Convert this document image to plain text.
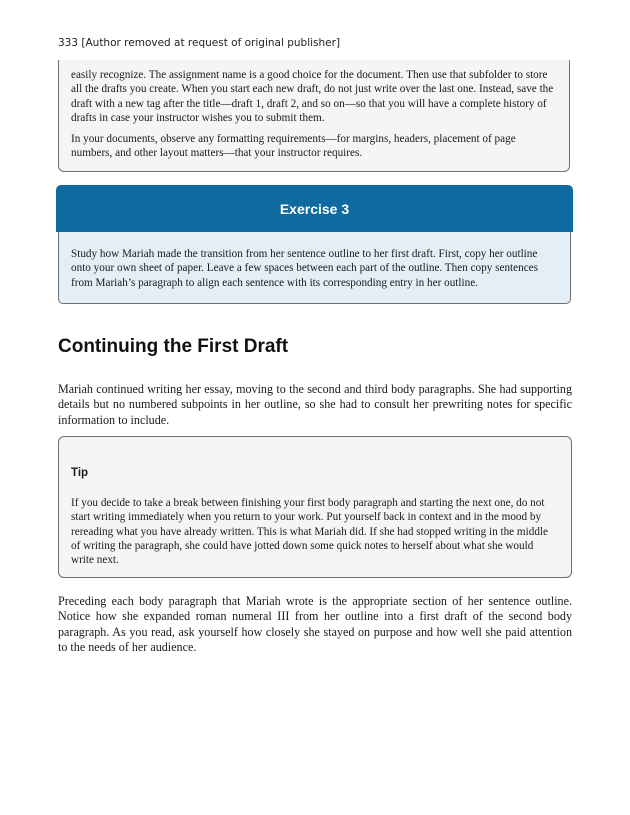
333 [Author removed at request of original publisher]

easily recognize. The assignment name is a good choice for the document. Then use that subfolder to store all the drafts you create. When you start each new draft, do not just write over the last one. Instead, save the draft with a new tag after the title—draft 1, draft 2, and so on—so that you will have a complete history of drafts in case your instructor wishes you to submit them.

In your documents, observe any formatting requirements—for margins, headers, placement of page numbers, and other layout matters—that your instructor requires.

Exercise 3

Study how Mariah made the transition from her sentence outline to her first draft. First, copy her outline onto your own sheet of paper. Leave a few spaces between each part of the outline. Then copy sentences from Mariah’s paragraph to align each sentence with its corresponding entry in her outline.

Continuing the First Draft

Mariah continued writing her essay, moving to the second and third body paragraphs. She had supporting details but no numbered subpoints in her outline, so she had to consult her prewriting notes for specific information to include.

Tip

If you decide to take a break between finishing your first body paragraph and starting the next one, do not start writing immediately when you return to your work. Put yourself back in context and in the mood by rereading what you have already written. This is what Mariah did. If she had stopped writing in the middle of writing the paragraph, she could have jotted down some quick notes to herself about what she would write next.

Preceding each body paragraph that Mariah wrote is the appropriate section of her sentence outline. Notice how she expanded roman numeral III from her outline into a first draft of the second body paragraph. As you read, ask yourself how closely she stayed on purpose and how well she paid attention to the needs of her audience.
